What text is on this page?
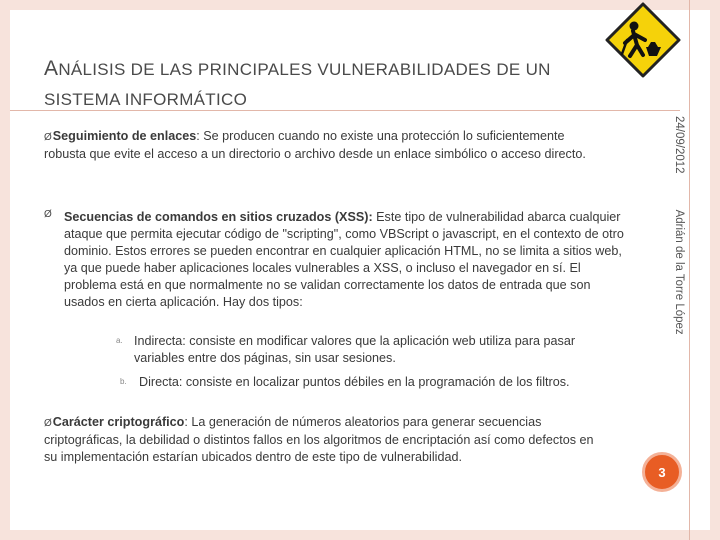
ANÁLISIS DE LAS PRINCIPALES VULNERABILIDADES DE UN
SISTEMA INFORMÁTICO
24/09/2012Adrián de la Torre López
ØSeguimiento de enlaces: Se producen cuando no existe una protección lo suficientemente robusta que evite el acceso a un directorio o archivo desde un enlace simbólico o acceso directo.
Ø Secuencias de comandos en sitios cruzados (XSS): Este tipo de vulnerabilidad abarca cualquier ataque que permita ejecutar código de "scripting", como VBScript o javascript, en el contexto de otro dominio. Estos errores se pueden encontrar en cualquier aplicación HTML, no se limita a sitios web, ya que puede haber aplicaciones locales vulnerables a XSS, o incluso el navegador en sí. El problema está en que normalmente no se validan correctamente los datos de entrada que son usados en cierta aplicación. Hay dos tipos:
a. Indirecta: consiste en modificar valores que la aplicación web utiliza para pasar variables entre dos páginas, sin usar sesiones.
b. Directa: consiste en localizar puntos débiles en la programación de los filtros.
ØCarácter criptográfico: La generación de números aleatorios para generar secuencias criptográficas, la debilidad o distintos fallos en los algoritmos de encriptación así como defectos en su implementación estarían ubicados dentro de este tipo de vulnerabilidad.
3
